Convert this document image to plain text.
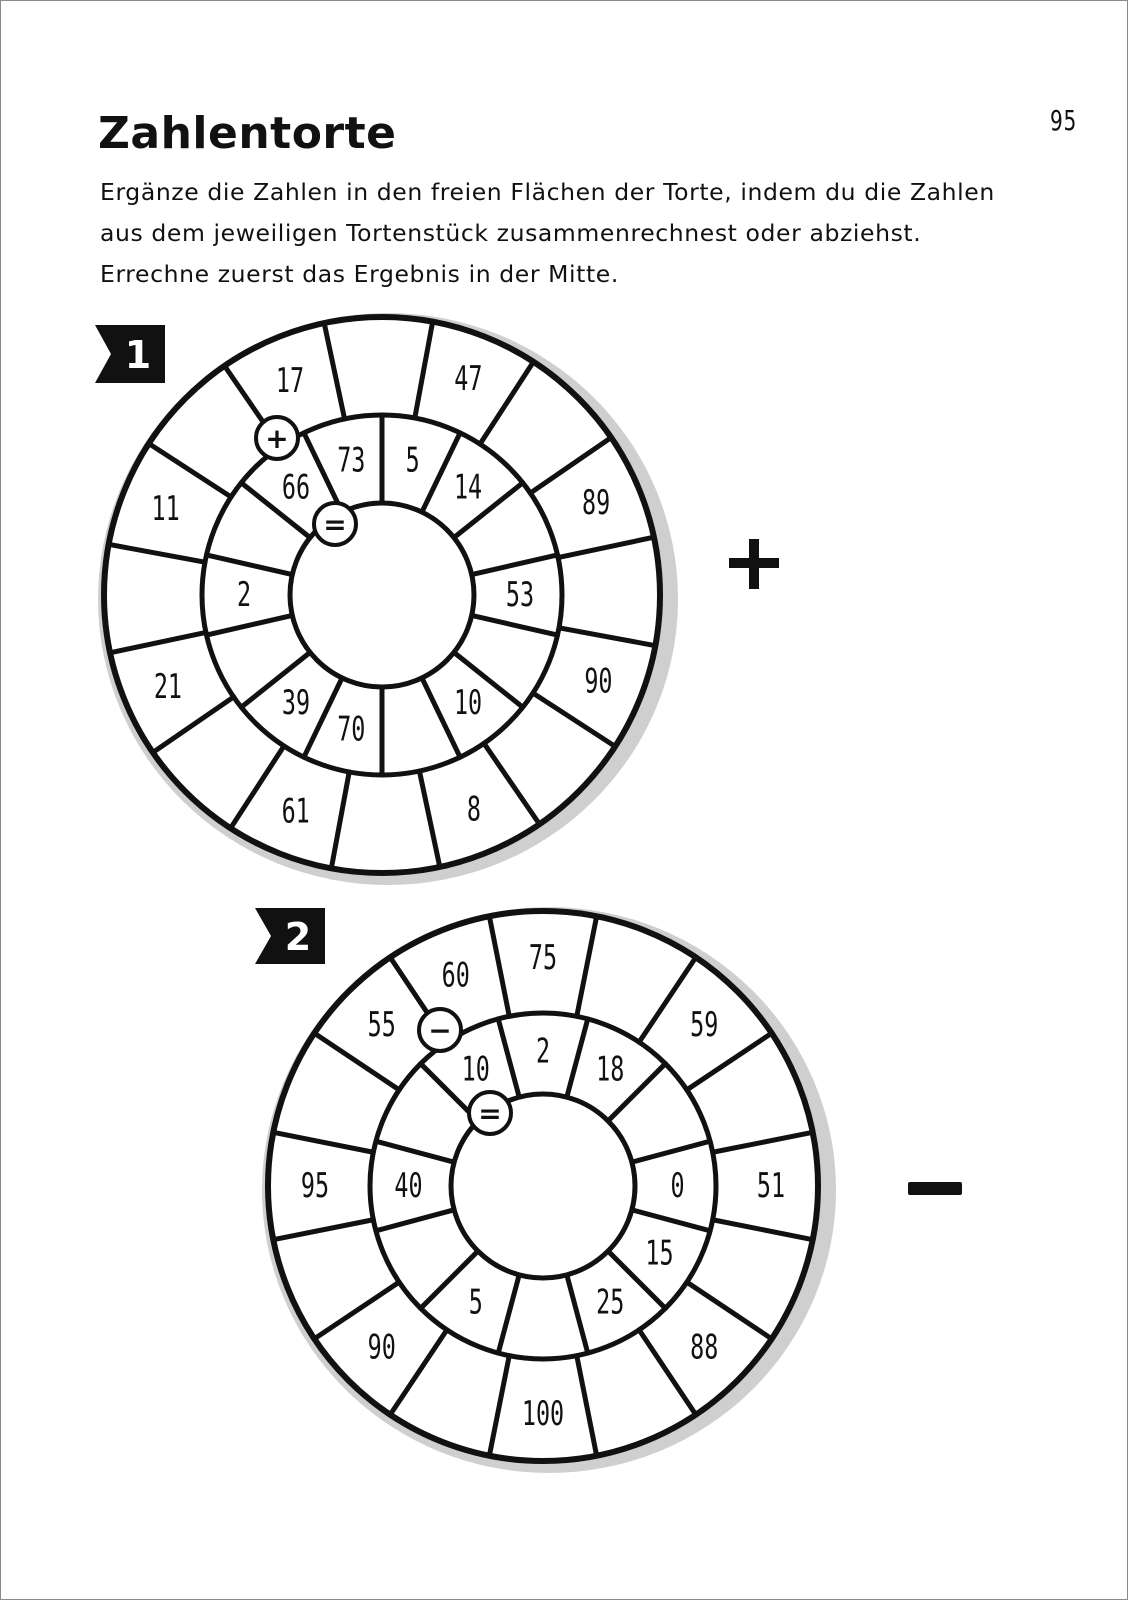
95
Zahlentorte
Ergänze die Zahlen in den freien Flächen der Torte, indem du die Zahlen
aus dem jeweiligen Tortenstück zusammenrechnest oder abziehst.
Errechne zuerst das Ergebnis in der Mitte.
47
89
90
8
61
21
11
17
5
14
53
10
70
39
2
66
73
+
=
1
75
59
51
88
100
90
95
55
60
2 18
0
15
25
5
40
10
−
=
2
